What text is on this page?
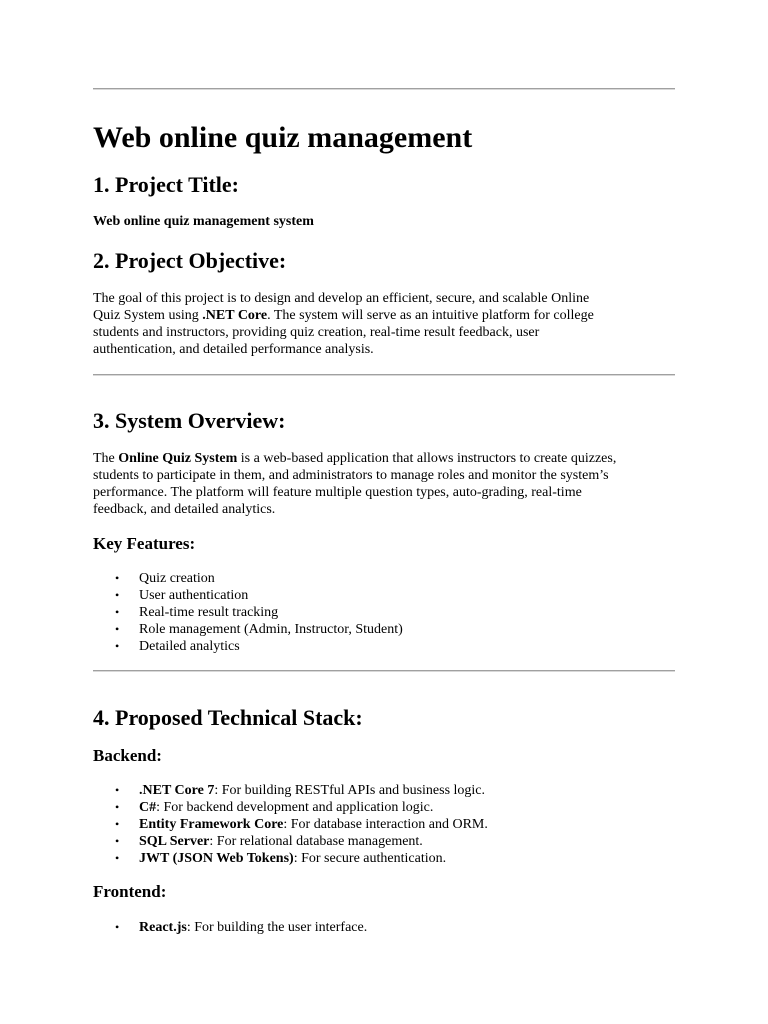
Web online quiz management
1. Project Title:
Web online quiz management system
2. Project Objective:

The goal of this project is to design and develop an efficient, secure, and scalable Online
Quiz System using .NET Core. The system will serve as an intuitive platform for college
students and instructors, providing quiz creation, real-time result feedback, user
authentication, and detailed performance analysis.

3. System Overview:

The Online Quiz System is a web-based application that allows instructors to create quizzes,
students to participate in them, and administrators to manage roles and monitor the system’s
performance. The platform will feature multiple question types, auto-grading, real-time
feedback, and detailed analytics.

Key Features:
• Quiz creation
• User authentication
• Real-time result tracking
• Role management (Admin, Instructor, Student)
• Detailed analytics
4. Proposed Technical Stack:
Backend:
• .NET Core 7: For building RESTful APIs and business logic.
• C#: For backend development and application logic.
• Entity Framework Core: For database interaction and ORM.
• SQL Server: For relational database management.
• JWT (JSON Web Tokens): For secure authentication.
Frontend:
• React.js: For building the user interface.
